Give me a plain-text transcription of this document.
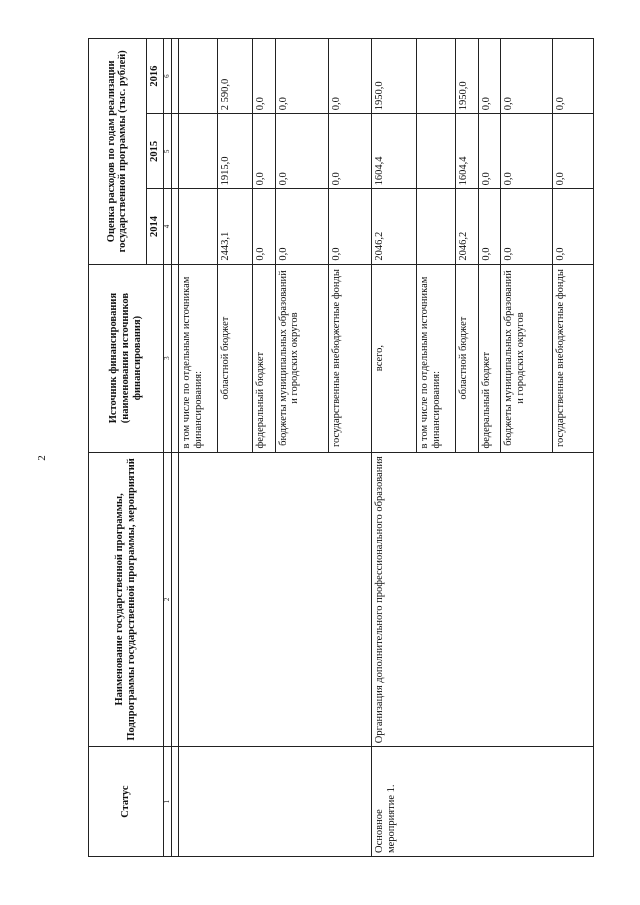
2
Статус	Наименование государственной программы, Подпрограммы государственной программы, мероприятий	Источник финансирования (наименования источников финансирования)	Оценка расходов по годам реализации государственной программы (тыс. рублей)		
			2014	2015	2016
1	2	3	4	5	6

		в том числе по отдельным источникам финансирования:			
		областной бюджет	2443,1	1915,0	2 590,0
		федеральный бюджет	0,0	0,0	0,0
		бюджеты муниципальных образований и городских округов	0,0	0,0	0,0
		государственные внебюджетные фонды	0,0	0,0	0,0
Основное мероприятие 1.	Организация дополнительного профессионального образования	всего,	2046,2	1604,4	1950,0
		в том числе по отдельным источникам финансирования:			
		областной бюджет	2046,2	1604,4	1950,0
		федеральный бюджет	0,0	0,0	0,0
		бюджеты муниципальных образований и городских округов	0,0	0,0	0,0
		государственные внебюджетные фонды	0,0	0,0	0,0
